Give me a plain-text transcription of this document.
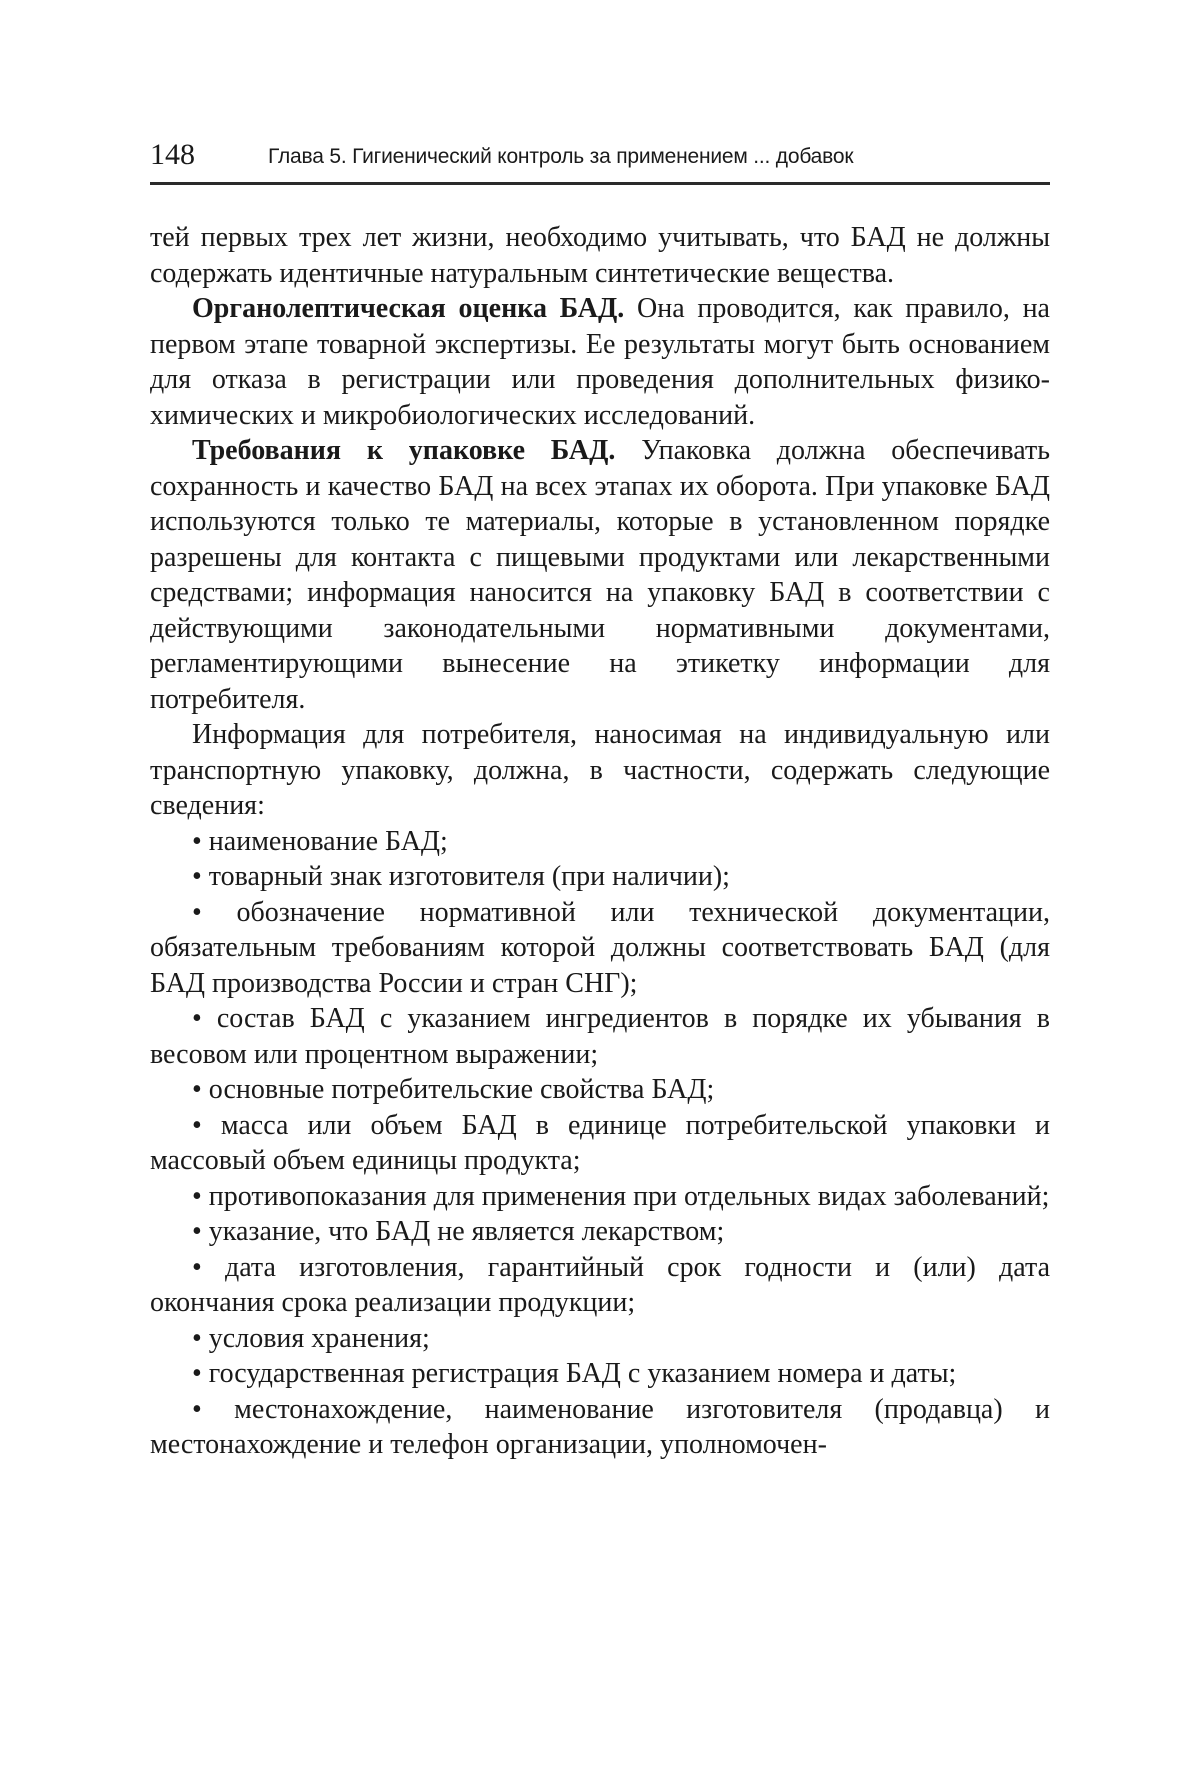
148	Глава 5. Гигиенический контроль за применением ... добавок

тей первых трех лет жизни, необходимо учитывать, что БАД не должны содержать идентичные натуральным синтетические вещества.

Органолептическая оценка БАД. Она проводится, как правило, на первом этапе товарной экспертизы. Ее результаты могут быть основанием для отказа в регистрации или проведения дополнительных физико-химических и микробиологических исследований.

Требования к упаковке БАД. Упаковка должна обеспечивать сохранность и качество БАД на всех этапах их оборота. При упаковке БАД используются только те материалы, которые в установленном порядке разрешены для контакта с пищевыми продуктами или лекарственными средствами; информация наносится на упаковку БАД в соответствии с действующими законодательными нормативными документами, регламентирующими вынесение на этикетку информации для потребителя.

Информация для потребителя, наносимая на индивидуальную или транспортную упаковку, должна, в частности, содержать следующие сведения:

• наименование БАД;

• товарный знак изготовителя (при наличии);

• обозначение нормативной или технической документации, обязательным требованиям которой должны соответствовать БАД (для БАД производства России и стран СНГ);

• состав БАД с указанием ингредиентов в порядке их убывания в весовом или процентном выражении;

• основные потребительские свойства БАД;

• масса или объем БАД в единице потребительской упаковки и массовый объем единицы продукта;

• противопоказания для применения при отдельных видах заболеваний;

• указание, что БАД не является лекарством;

• дата изготовления, гарантийный срок годности и (или) дата окончания срока реализации продукции;

• условия хранения;

• государственная регистрация БАД с указанием номера и даты;

• местонахождение, наименование изготовителя (продавца) и местонахождение и телефон организации, уполномочен-
